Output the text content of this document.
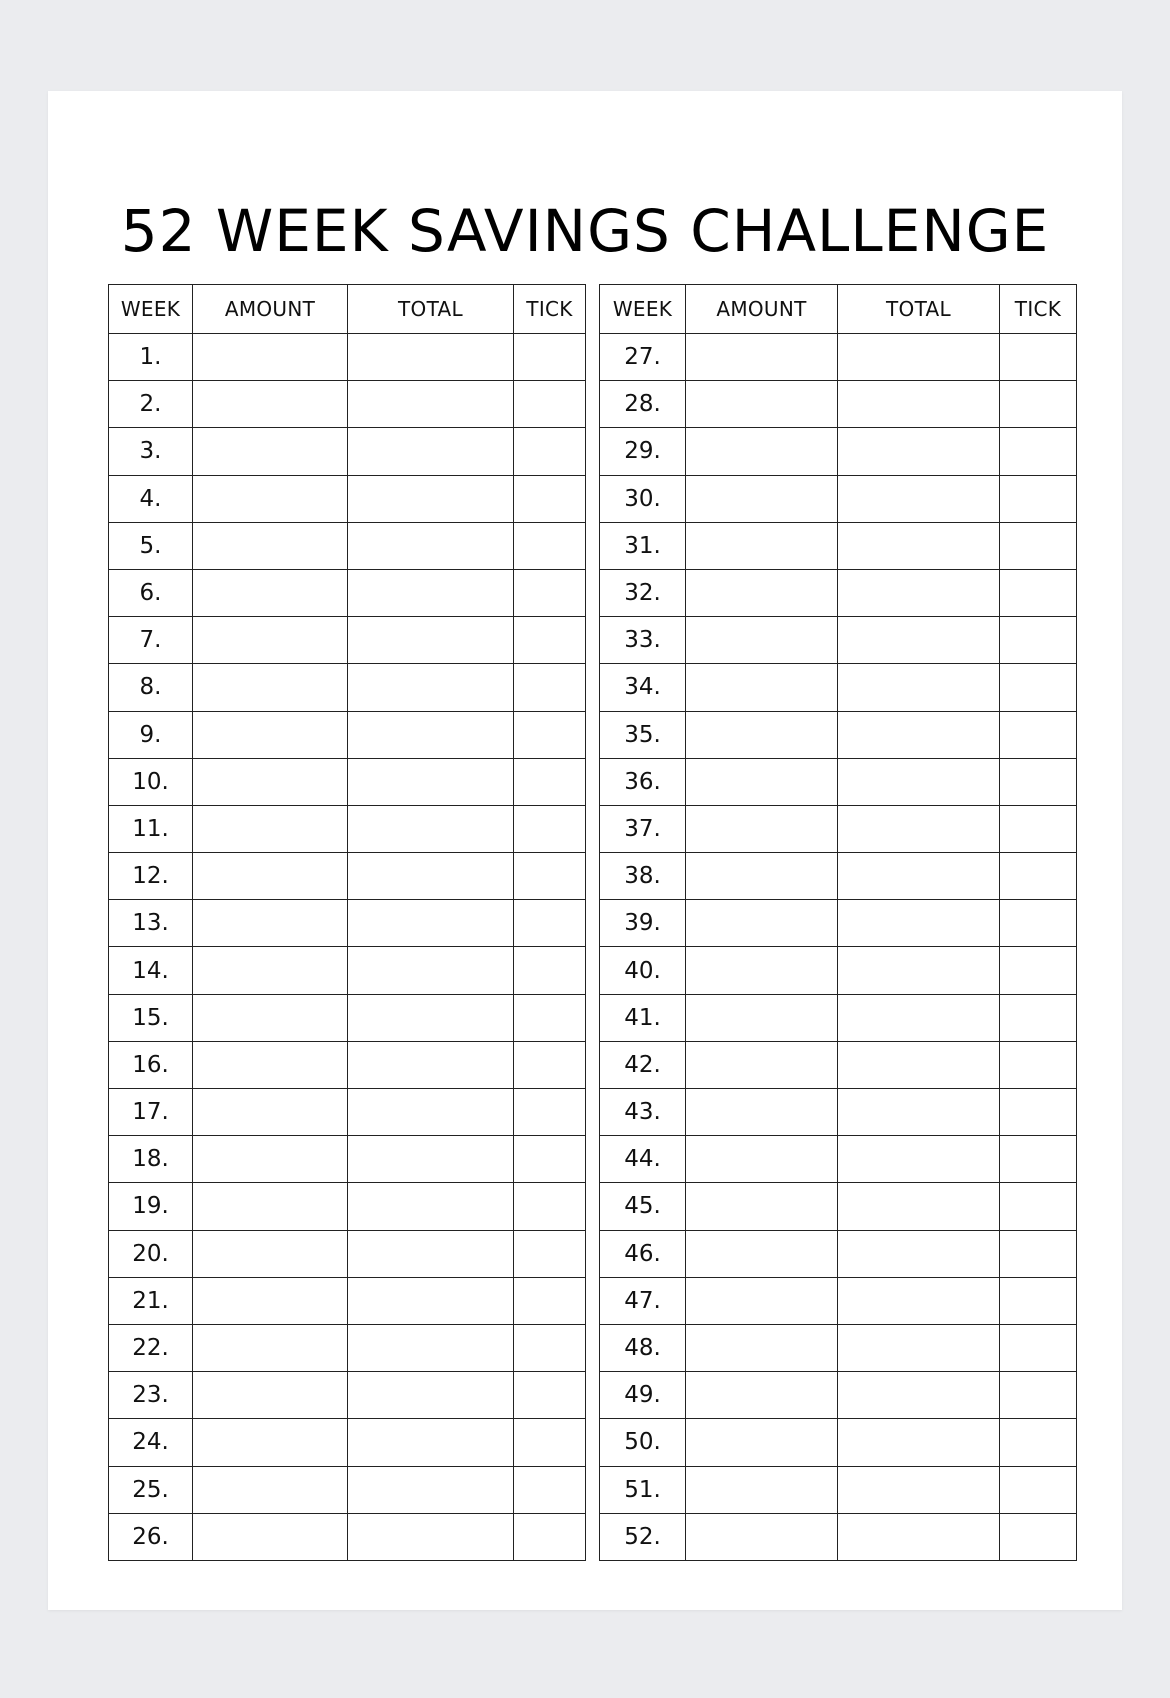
52 WEEK SAVINGS CHALLENGE
WEEK	AMOUNT	TOTAL	TICK
1.			
2.			
3.			
4.			
5.			
6.			
7.			
8.			
9.			
10.			
11.			
12.			
13.			
14.			
15.			
16.			
17.			
18.			
19.			
20.			
21.			
22.			
23.			
24.			
25.			
26.			
WEEK	AMOUNT	TOTAL	TICK
27.			
28.			
29.			
30.			
31.			
32.			
33.			
34.			
35.			
36.			
37.			
38.			
39.			
40.			
41.			
42.			
43.			
44.			
45.			
46.			
47.			
48.			
49.			
50.			
51.			
52.			
